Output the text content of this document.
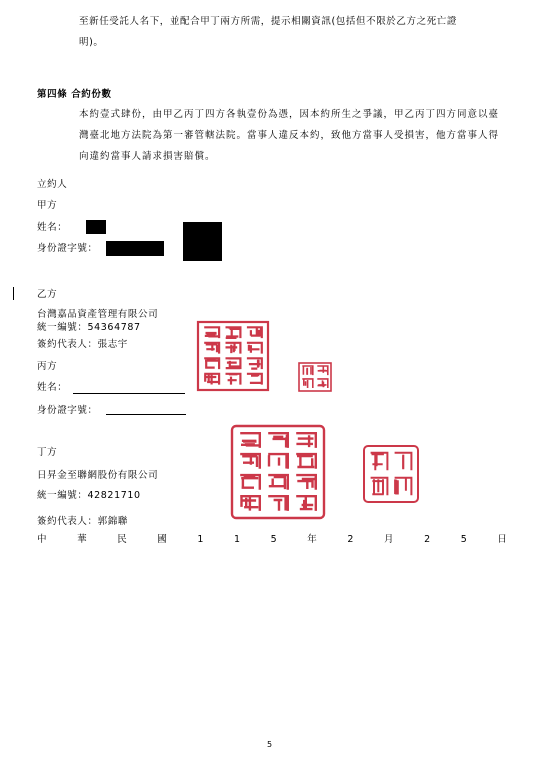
至新任受託人名下，並配合甲丁兩方所需，提示相關資訊(包括但不限於乙方之死亡證
明)。
第四條 合約份數
本約壹式肆份，由甲乙丙丁四方各執壹份為憑，因本約所生之爭議，甲乙丙丁四方同意以臺灣臺北地方法院為第一審管轄法院。當事人違反本約，致他方當事人受損害，他方當事人得向違約當事人請求損害賠償。
立約人
甲方
姓名：
身份證字號：
乙方
台灣嘉品資產管理有限公司
統一編號：54364787
簽約代表人：張志宇
丙方
姓名：
身份證字號：
丁方
日昇金至聯網股份有限公司
統一編號：42821710
簽約代表人：郭錦聯
中	華	民	國	1	1	5	年	2	月	2	5	日
5
